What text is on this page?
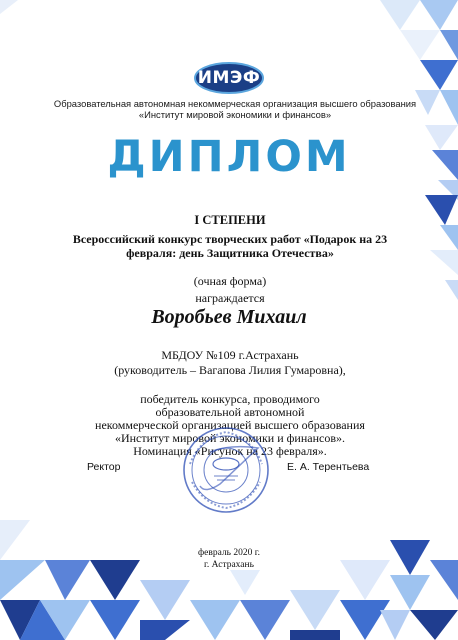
ИМЭФ
Образовательная автономная некоммерческая организация высшего образования
«Институт мировой экономики и финансов»
ДИПЛОМ
I СТЕПЕНИ
Всероссийский конкурс творческих работ «Подарок на 23
февраля: день Защитника Отечества»
(очная форма)
награждается
Воробьев Михаил
МБДОУ №109 г.Астрахань
(руководитель – Вагапова Лилия Гумаровна),
победитель конкурса, проводимого
образовательной автономной
некоммерческой организацией высшего образования
«Институт мировой экономики и финансов».
Номинация «Рисунок на 23 февраля».
Ректор	Е. А. Терентьева
февраль 2020 г.
г. Астрахань
